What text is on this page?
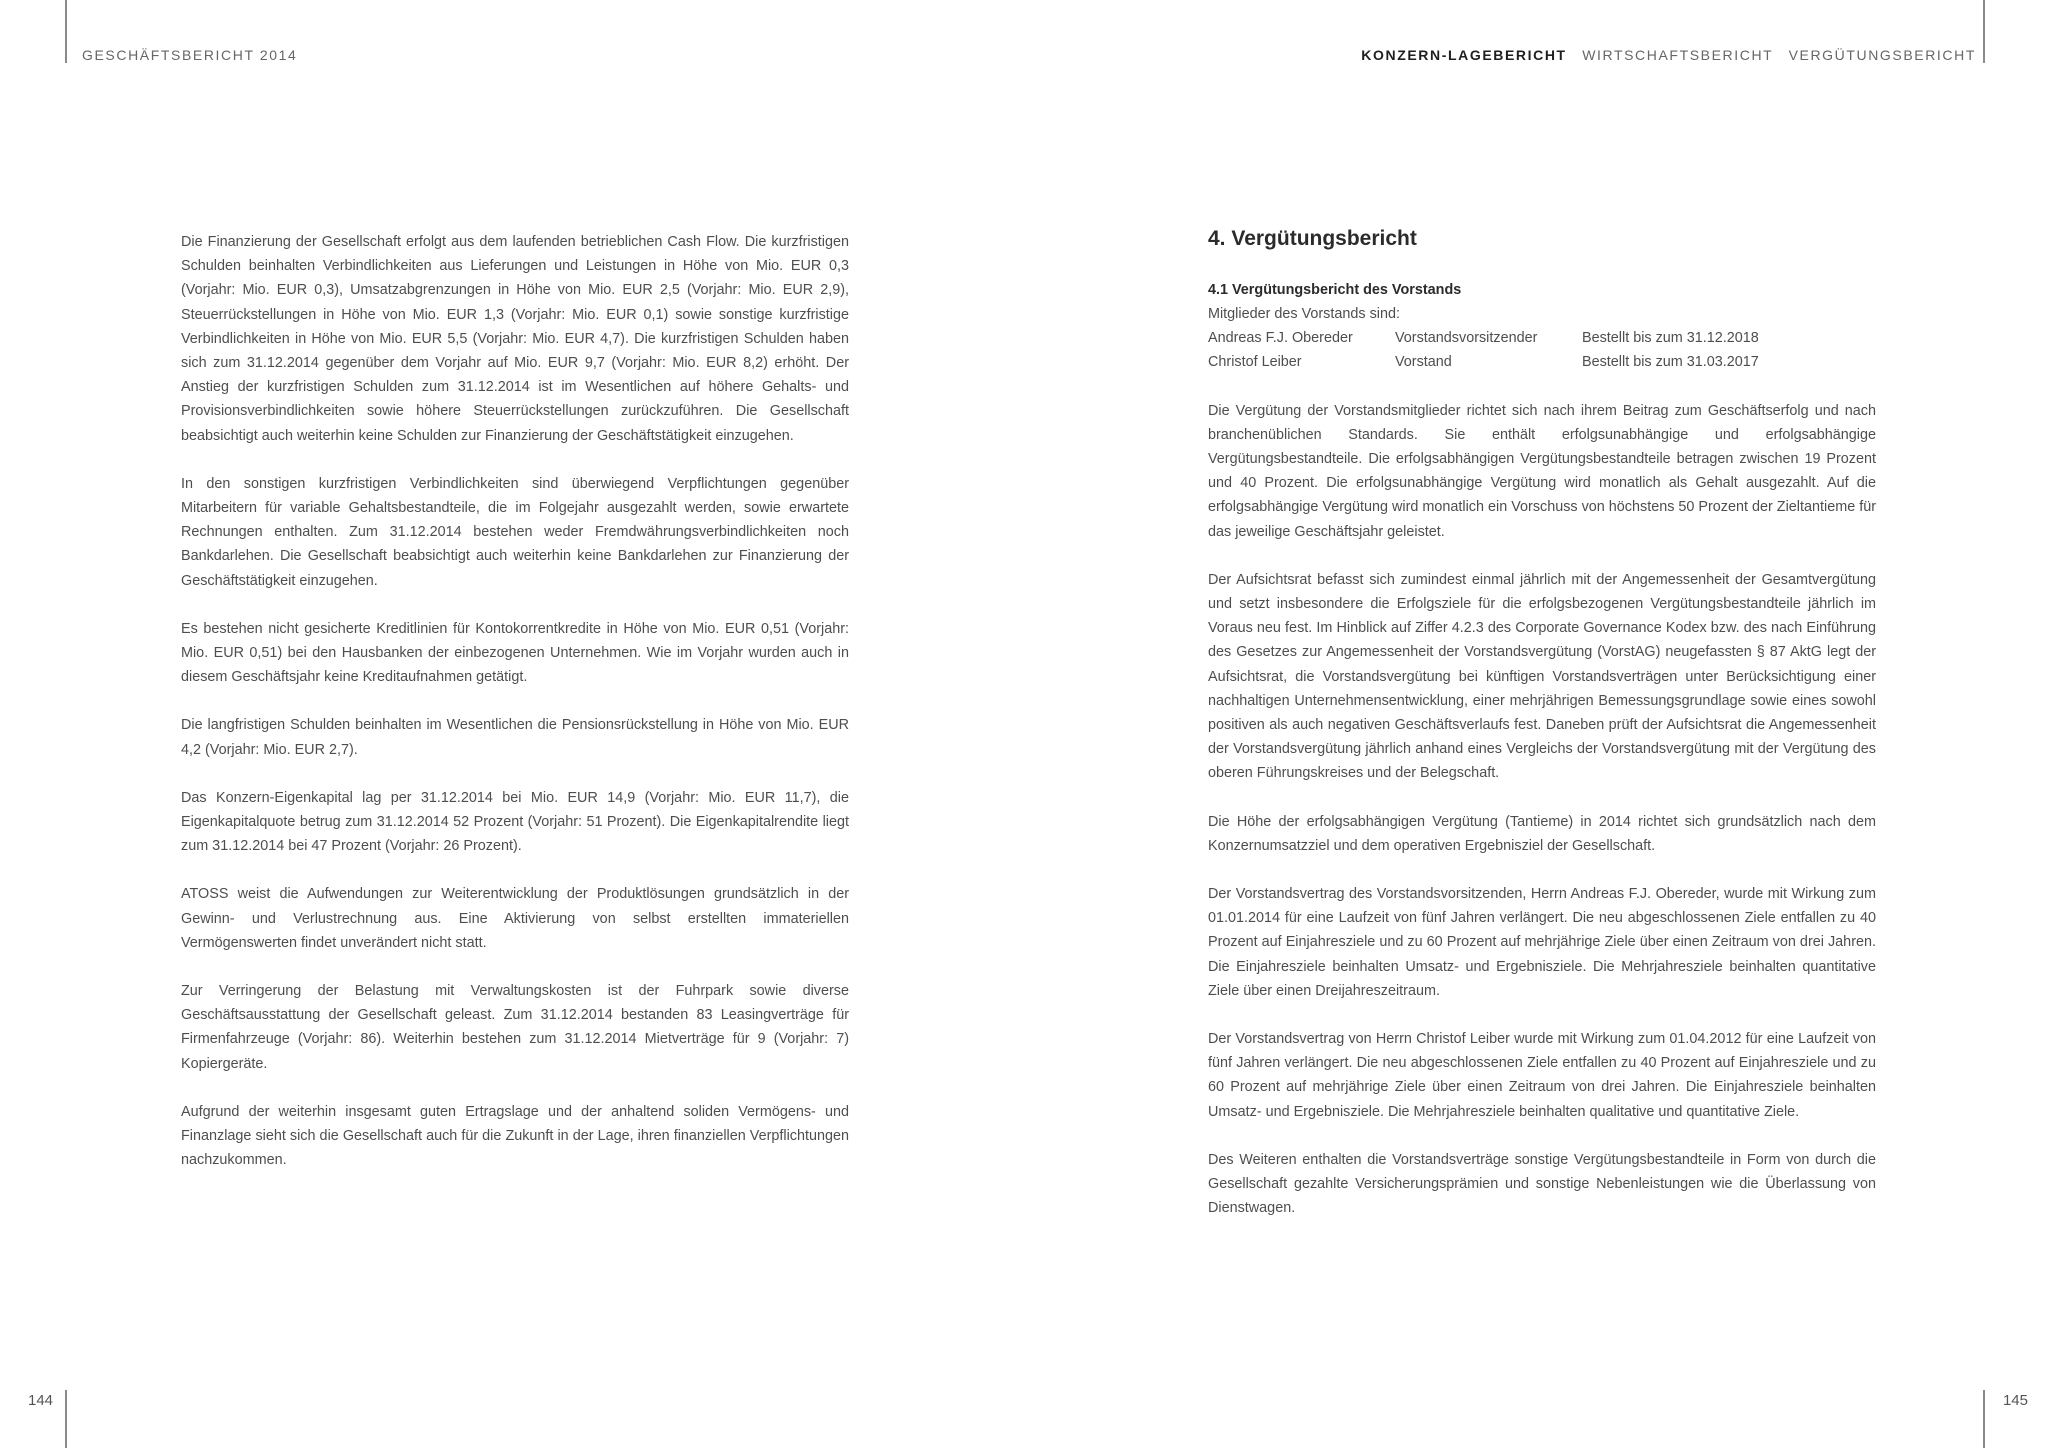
GESCHÄFTSBERICHT 2014	KONZERN-LAGEBERICHT WIRTSCHAFTSBERICHT VERGÜTUNGSBERICHT

Die Finanzierung der Gesellschaft erfolgt aus dem laufenden betrieblichen Cash Flow. Die kurzfristigen Schulden beinhalten Verbindlichkeiten aus Lieferungen und Leistungen in Höhe von Mio. EUR 0,3 (Vorjahr: Mio. EUR 0,3), Umsatzabgrenzungen in Höhe von Mio. EUR 2,5 (Vorjahr: Mio. EUR 2,9), Steuerrückstellungen in Höhe von Mio. EUR 1,3 (Vorjahr: Mio. EUR 0,1) sowie sonstige kurzfristige Verbindlichkeiten in Höhe von Mio. EUR 5,5 (Vorjahr: Mio. EUR 4,7). Die kurzfristigen Schulden haben sich zum 31.12.2014 gegenüber dem Vorjahr auf Mio. EUR 9,7 (Vorjahr: Mio. EUR 8,2) erhöht. Der Anstieg der kurzfristigen Schulden zum 31.12.2014 ist im Wesentlichen auf höhere Gehalts- und Provisionsverbindlichkeiten sowie höhere Steuerrückstellungen zurückzuführen. Die Gesellschaft beabsichtigt auch weiterhin keine Schulden zur Finanzierung der Geschäftstätigkeit einzugehen.

In den sonstigen kurzfristigen Verbindlichkeiten sind überwiegend Verpflichtungen gegenüber Mitarbeitern für variable Gehaltsbestandteile, die im Folgejahr ausgezahlt werden, sowie erwartete Rechnungen enthalten. Zum 31.12.2014 bestehen weder Fremdwährungsverbindlichkeiten noch Bankdarlehen. Die Gesellschaft beabsichtigt auch weiterhin keine Bankdarlehen zur Finanzierung der Geschäftstätigkeit einzugehen.

Es bestehen nicht gesicherte Kreditlinien für Kontokorrentkredite in Höhe von Mio. EUR 0,51 (Vorjahr: Mio. EUR 0,51) bei den Hausbanken der einbezogenen Unternehmen. Wie im Vorjahr wurden auch in diesem Geschäftsjahr keine Kreditaufnahmen getätigt.

Die langfristigen Schulden beinhalten im Wesentlichen die Pensionsrückstellung in Höhe von Mio. EUR 4,2 (Vorjahr: Mio. EUR 2,7).

Das Konzern-Eigenkapital lag per 31.12.2014 bei Mio. EUR 14,9 (Vorjahr: Mio. EUR 11,7), die Eigenkapitalquote betrug zum 31.12.2014 52 Prozent (Vorjahr: 51 Prozent). Die Eigenkapitalrendite liegt zum 31.12.2014 bei 47 Prozent (Vorjahr: 26 Prozent).

ATOSS weist die Aufwendungen zur Weiterentwicklung der Produktlösungen grundsätzlich in der Gewinn- und Verlustrechnung aus. Eine Aktivierung von selbst erstellten immateriellen Vermögenswerten findet unverändert nicht statt.

Zur Verringerung der Belastung mit Verwaltungskosten ist der Fuhrpark sowie diverse Geschäftsausstattung der Gesellschaft geleast. Zum 31.12.2014 bestanden 83 Leasingverträge für Firmenfahrzeuge (Vorjahr: 86). Weiterhin bestehen zum 31.12.2014 Mietverträge für 9 (Vorjahr: 7) Kopiergeräte.

Aufgrund der weiterhin insgesamt guten Ertragslage und der anhaltend soliden Vermögens- und Finanzlage sieht sich die Gesellschaft auch für die Zukunft in der Lage, ihren finanziellen Verpflichtungen nachzukommen.

4. Vergütungsbericht
4.1 Vergütungsbericht des Vorstands
Mitglieder des Vorstands sind:
Andreas F.J. Obereder	Vorstandsvorsitzender	Bestellt bis zum 31.12.2018
Christof Leiber	Vorstand	Bestellt bis zum 31.03.2017

Die Vergütung der Vorstandsmitglieder richtet sich nach ihrem Beitrag zum Geschäftserfolg und nach branchenüblichen Standards. Sie enthält erfolgsunabhängige und erfolgsabhängige Vergütungsbestandteile. Die erfolgsabhängigen Vergütungsbestandteile betragen zwischen 19 Prozent und 40 Prozent. Die erfolgsunabhängige Vergütung wird monatlich als Gehalt ausgezahlt. Auf die erfolgsabhängige Vergütung wird monatlich ein Vorschuss von höchstens 50 Prozent der Zieltantieme für das jeweilige Geschäftsjahr geleistet.

Der Aufsichtsrat befasst sich zumindest einmal jährlich mit der Angemessenheit der Gesamtvergütung und setzt insbesondere die Erfolgsziele für die erfolgsbezogenen Vergütungsbestandteile jährlich im Voraus neu fest. Im Hinblick auf Ziffer 4.2.3 des Corporate Governance Kodex bzw. des nach Einführung des Gesetzes zur Angemessenheit der Vorstandsvergütung (VorstAG) neugefassten § 87 AktG legt der Aufsichtsrat, die Vorstandsvergütung bei künftigen Vorstandsverträgen unter Berücksichtigung einer nachhaltigen Unternehmensentwicklung, einer mehrjährigen Bemessungsgrundlage sowie eines sowohl positiven als auch negativen Geschäftsverlaufs fest. Daneben prüft der Aufsichtsrat die Angemessenheit der Vorstandsvergütung jährlich anhand eines Vergleichs der Vorstandsvergütung mit der Vergütung des oberen Führungskreises und der Belegschaft.

Die Höhe der erfolgsabhängigen Vergütung (Tantieme) in 2014 richtet sich grundsätzlich nach dem Konzernumsatzziel und dem operativen Ergebnisziel der Gesellschaft.

Der Vorstandsvertrag des Vorstandsvorsitzenden, Herrn Andreas F.J. Obereder, wurde mit Wirkung zum 01.01.2014 für eine Laufzeit von fünf Jahren verlängert. Die neu abgeschlossenen Ziele entfallen zu 40 Prozent auf Einjahresziele und zu 60 Prozent auf mehrjährige Ziele über einen Zeitraum von drei Jahren. Die Einjahresziele beinhalten Umsatz- und Ergebnisziele. Die Mehrjahresziele beinhalten quantitative Ziele über einen Dreijahreszeitraum.

Der Vorstandsvertrag von Herrn Christof Leiber wurde mit Wirkung zum 01.04.2012 für eine Laufzeit von fünf Jahren verlängert. Die neu abgeschlossenen Ziele entfallen zu 40 Prozent auf Einjahresziele und zu 60 Prozent auf mehrjährige Ziele über einen Zeitraum von drei Jahren. Die Einjahresziele beinhalten Umsatz- und Ergebnisziele. Die Mehrjahresziele beinhalten qualitative und quantitative Ziele.

Des Weiteren enthalten die Vorstandsverträge sonstige Vergütungsbestandteile in Form von durch die Gesellschaft gezahlte Versicherungsprämien und sonstige Nebenleistungen wie die Überlassung von Dienstwagen.

144	145
